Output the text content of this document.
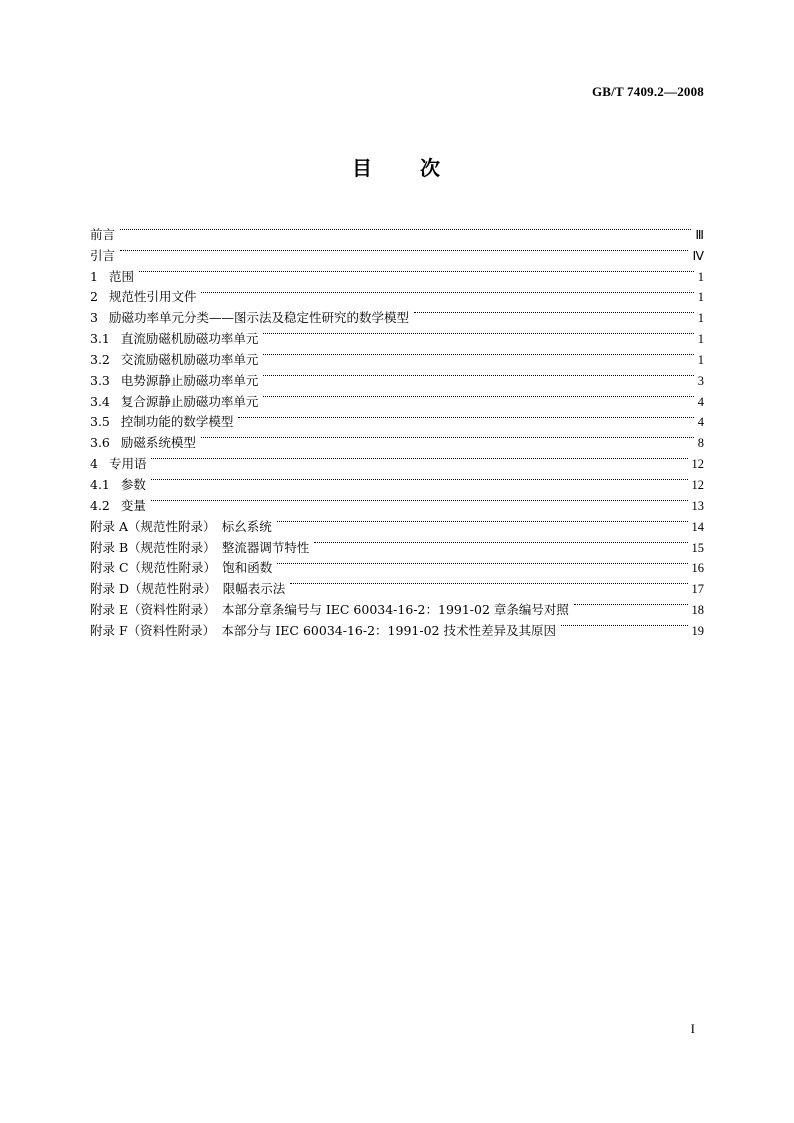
GB/T 7409.2—2008
目 次
前言	Ⅲ
引言	Ⅳ
1 范围	1
2 规范性引用文件	1
3 励磁功率单元分类——图示法及稳定性研究的数学模型	1
3.1 直流励磁机励磁功率单元	1
3.2 交流励磁机励磁功率单元	1
3.3 电势源静止励磁功率单元	3
3.4 复合源静止励磁功率单元	4
3.5 控制功能的数学模型	4
3.6 励磁系统模型	8
4 专用语	12
4.1 参数	12
4.2 变量	13
附录 A（规范性附录）　标幺系统	14
附录 B（规范性附录）　整流器调节特性	15
附录 C（规范性附录）　饱和函数	16
附录 D（规范性附录）　限幅表示法	17
附录 E（资料性附录）　本部分章条编号与 IEC 60034-16-2：1991-02 章条编号对照	18
附录 F（资料性附录）　本部分与 IEC 60034-16-2：1991-02 技术性差异及其原因	19
I
